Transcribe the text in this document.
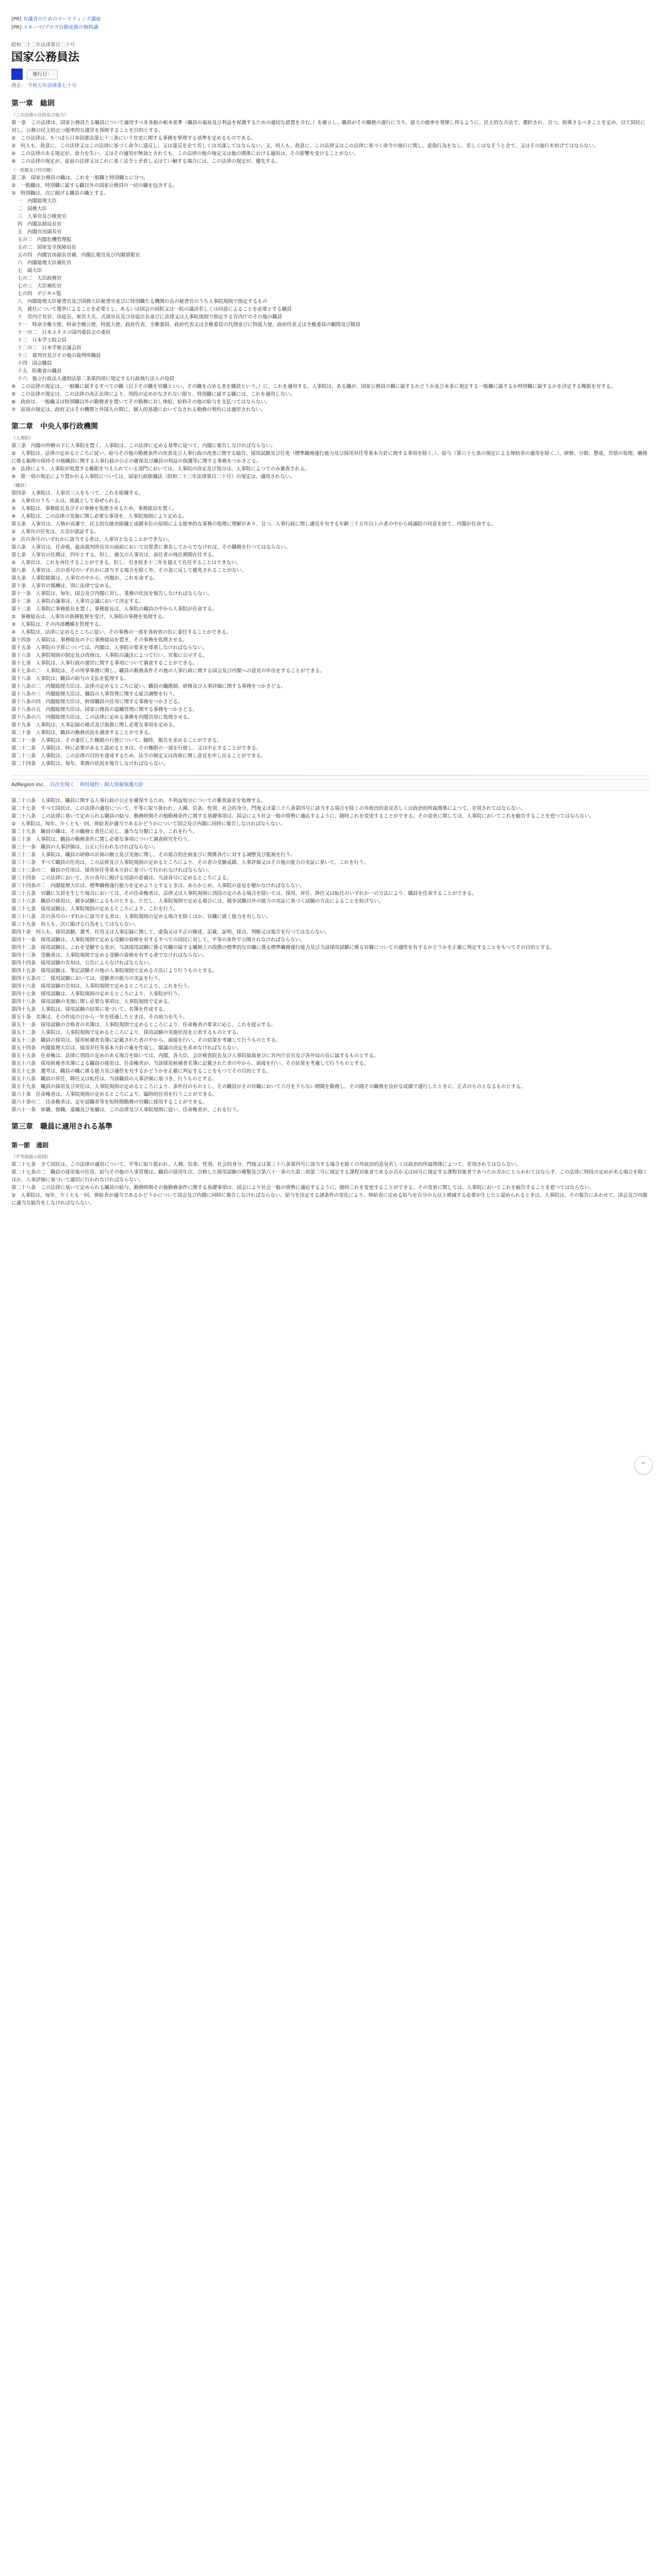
[PR] 有識者のためのマーケティング講座
[PR] スキーマ/ブログ自動更新の無料講
昭和二十二年法律第百二十号
国家公務員法
施行日：
改正： 令和五年法律第七十号
第一章　総則
（この法律の目的及び効力）
第一条　この法律は、国家公務員たる職員について適用すべき各般の根本基準（職員の福祉及び利益を保護するための適切な措置を含む。）を確立し、職員がその職務の遂行に当り、最大の能率を発揮し得るように、民主的な方法で、選択され、且つ、指導さるべきことを定め、以て国民に対し、公務の民主的且つ能率的な運営を保障することを目的とする。
②　この法律は、もつぱら日本国憲法第七十三条にいう官吏に関する事務を掌理する基準を定めるものである。
③　何人も、故意に、この法律又はこの法律に基づく命令に違反し、又は違反を企て若しくは共謀してはならない。又、何人も、故意に、この法律又はこの法律に基づく命令の施行に関し、虚偽行為をなし、若しくはなそうと企て、又はその施行を妨げてはならない。
④　この法律のある規定が、効力を失い、又はその適用が無効とされても、この法律の他の規定又は他の関係における適用は、その影響を受けることがない。
⑤　この法律の規定が、従前の法律又はこれに基く法令と矛盾し又はてい触する場合には、この法律の規定が、優先する。
（一般職及び特別職）
第二条　国家公務員の職は、これを一般職と特別職とに分つ。
②　一般職は、特別職に属する職以外の国家公務員の一切の職を包含する。
③　特別職は、次に掲げる職員の職とする。
一　内閣総理大臣
二　国務大臣
三　人事官及び検査官
四　内閣法制局長官
五　内閣官房副長官
五の二　内閣危機管理監
五の三　国家安全保障局長
五の四　内閣官房副長官補、内閣広報官及び内閣情報官
六　内閣総理大臣補佐官
七　副大臣
七の二　大臣政務官
七の三　大臣補佐官
七の四　デジタル監
八　内閣総理大臣秘書官及び国務大臣秘書官並びに特別職たる機関の長の秘書官のうち人事院規則で指定するもの
九　就任について選挙によることを必要とし、あるいは国会の両院又は一院の議決若しくは同意によることを必要とする職員
十　宮内庁長官、侍従長、東宮大夫、式部官長及び侍従次長並びに法律又は人事院規則で指定する宮内庁のその他の職員
十一　特命全権大使、特命全権公使、特派大使、政府代表、全権委員、政府代表又は全権委員の代理並びに特派大使、政府代表又は全権委員の顧問及び随員
十一の二　日本ユネスコ国内委員会の委員
十二　日本学士院会員
十二の二　日本学術会議会員
十三　裁判官及びその他の裁判所職員
十四　国会職員
十五　防衛省の職員
十六　独立行政法人通則法第二条第四項に規定する行政執行法人の役員
④　この法律の規定は、一般職に属するすべての職（以下その職を官職といい、その職を占める者を職員という。）に、これを適用する。人事院は、ある職が、国家公務員の職に属するかどうか及び本条に規定する一般職に属するか特別職に属するかを決定する権限を有する。
⑤　この法律の規定は、この法律の改正法律により、別段の定めがなされない限り、特別職に属する職には、これを適用しない。
⑥　政府は、一般職又は特別職以外の勤務者を置いてその勤務に対し俸給、給料その他の給与を支払つてはならない。
⑦　前項の規定は、政府又はその機関と外国人の間に、個人的基礎においてなされる勤務の契約には適用されない。
第二章　中央人事行政機関
（人事院）
第三条　内閣の所轄の下に人事院を置く。人事院は、この法律に定める基準に従つて、内閣に報告しなければならない。
②　人事院は、法律の定めるところに従い、給与その他の勤務条件の改善及び人事行政の改善に関する勧告、採用試験及び任免（標準職務遂行能力及び採用昇任等基本方針に関する事項を除く。）、給与（第六十七条の規定による俸給表の適用を除く。）、研修、分限、懲戒、苦情の処理、職務に係る倫理の保持その他職員に関する人事行政の公正の確保及び職員の利益の保護等に関する事務をつかさどる。
③　法律により、人事院が処置する権限を与えられている部門においては、人事院の決定及び処分は、人事院によつてのみ審査される。
④　第一項の規定により置かれる人事院については、国家行政組織法（昭和二十三年法律第百二十号）の規定は、適用されない。
（職員）
第四条　人事院は、人事官三人をもつて、これを組織する。
②　人事官のうち一人は、総裁として命ぜられる。
③　人事院は、事務総長及びその事務を処理させるため、事務総局を置く。
④　人事院は、この法律の実施に関し必要な事項を、人事院規則により定める。
第五条　人事官は、人格が高潔で、民主的な統治組織と成績本位の原則による能率的な事務の処理に理解があり、且つ、人事行政に関し識見を有する年齢三十五年以上の者の中から両議院の同意を経て、内閣が任命する。
②　人事官の任免は、天皇が認証する。
③　次の各号のいずれかに該当する者は、人事官となることができない。
第六条　人事官は、任命後、最高裁判所長官の面前において宣誓書に署名してからでなければ、その職務を行つてはならない。
第七条　人事官の任期は、四年とする。但し、補欠の人事官は、前任者の残任期間在任する。
②　人事官は、これを再任することができる。但し、引き続き十二年を超えて在任することはできない。
第八条　人事官は、次の各号のいずれかに該当する場合を除く外、その意に反して罷免されることがない。
第九条　人事院総裁は、人事官の中から、内閣が、これを命ずる。
第十条　人事官の報酬は、別に法律で定める。
第十一条　人事院は、毎年、国会及び内閣に対し、業務の状況を報告しなければならない。
第十二条　人事院の議事は、人事官会議において決定する。
第十三条　人事院に事務総長を置く。事務総長は、人事院の職員の中から人事院が任命する。
②　事務総長は、人事官の指揮監督を受け、人事院の事務を処理する。
③　人事院は、その内部機構を管理する。
④　人事院は、法律に定めるところに従い、その事務の一部を各府省の長に委任することができる。
第十四条　人事院は、事務総長の下に事務総局を置き、その事務を処理させる。
第十五条　人事院の予算については、内閣は、人事院の要求を尊重しなければならない。
第十六条　人事院規則の制定及び改廃は、人事院の議決によつて行い、官報に公示する。
第十七条　人事院は、人事行政の運営に関する事項について調査することができる。
第十七条の二　人事院は、その所掌事務に関し、職員の勤務条件その他の人事行政に関する国会及び内閣への意見の申出をすることができる。
第十八条　人事院は、職員の給与の支払を監理する。
第十八条の二　内閣総理大臣は、法律の定めるところに従い、職員の職階制、研修及び人事評価に関する事務をつかさどる。
第十八条の三　内閣総理大臣は、職員の人事管理に関する総合調整を行う。
第十八条の四　内閣総理大臣は、幹部職員の任用に関する事務をつかさどる。
第十八条の五　内閣総理大臣は、国家公務員の退職管理に関する事務をつかさどる。
第十八条の六　内閣総理大臣は、この法律に定める事務を内閣官房に処理させる。
第十九条　人事院は、人事記録の様式及び取扱に関し必要な事項を定める。
第二十条　人事院は、職員の勤務状況を調査することができる。
第二十一条　人事院は、その委任した権限の行使について、随時、報告を求めることができる。
第二十二条　人事院は、特に必要があると認めるときは、その権限の一部を行使し、又は中止することができる。
第二十三条　人事院は、この法律の目的を達成するため、法令の制定又は改廃に関し意見を申し出ることができる。
第二十四条　人事院は、毎年、業務の状況を報告しなければならない。
AdRegion Inc. 目次を開く 利用規約・個人情報保護方針
第二十六条　人事院は、職員に関する人事行政の公正を確保するため、不利益処分についての審査請求を処理する。
第二十七条　すべて国民は、この法律の適用について、平等に取り扱われ、人種、信条、性別、社会的身分、門地又は第三十八条第四号に該当する場合を除くの外政治的意見若しくは政治的所属関係によつて、差別されてはならない。
第二十八条　この法律に基いて定められる職員の給与、勤務時間その他勤務条件に関する基礎事項は、国会により社会一般の情勢に適応するように、随時これを変更することができる。その変更に関しては、人事院においてこれを勧告することを怠つてはならない。
②　人事院は、毎年、少くとも一回、俸給表が適当であるかどうかについて国会及び内閣に同時に報告しなければならない。
第二十九条　職員の職は、その職務と責任に応じ、適当な分類により、これを行う。
第三十条　人事院は、職員の勤務条件に関し必要な事項について調査研究を行う。
第三十一条　職員の人事評価は、公正に行われなければならない。
第三十二条　人事院は、職員の研修の計画の樹立及び実施に関し、その総合的企画並びに関係各庁に対する調整及び監視を行う。
第三十三条　すべて職員の任用は、この法律及び人事院規則の定めるところにより、その者の受験成績、人事評価又はその他の能力の実証に基いて、これを行う。
第三十三条の二　職員の任用は、採用昇任等基本方針に基づいて行われなければならない。
第三十四条　この法律において、次の各号に掲げる用語の意義は、当該各号に定めるところによる。
第三十四条の二　内閣総理大臣は、標準職務遂行能力を定めようとするときは、あらかじめ、人事院の意見を聴かなければならない。
第三十五条　官職に欠員を生じた場合においては、その任命権者は、法律又は人事院規則に別段の定のある場合を除いては、採用、昇任、降任又は転任のいずれか一の方法により、職員を任命することができる。
第三十六条　職員の採用は、競争試験によるものとする。ただし、人事院規則で定める場合には、競争試験以外の能力の実証に基づく試験の方法によることを妨げない。
第三十七条　採用試験は、人事院規則の定めるところにより、これを行う。
第三十八条　次の各号のいずれかに該当する者は、人事院規則の定める場合を除くほか、官職に就く能力を有しない。
第三十九条　何人も、次に掲げる行為をしてはならない。
第四十条　何人も、採用試験、選考、任用又は人事記録に関して、虚偽又は不正の陳述、記載、証明、採点、判断又は報告を行つてはならない。
第四十一条　採用試験は、人事院規則で定める受験の資格を有するすべての国民に対して、平等の条件で公開されなければならない。
第四十二条　採用試験は、これを受験する者が、当該採用試験に係る官職の属する職制上の段階の標準的な官職に係る標準職務遂行能力及び当該採用試験に係る官職についての適性を有するかどうかを正確に判定することをもつてその目的とする。
第四十三条　受験者は、人事院規則で定める受験の資格を有する者でなければならない。
第四十四条　採用試験の告知は、公告によらなければならない。
第四十五条　採用試験は、筆記試験その他の人事院規則で定める方法により行うものとする。
第四十五条の二　採用試験においては、受験者の能力の実証を行う。
第四十六条　採用試験の告知は、人事院規則で定めるところにより、これを行う。
第四十七条　採用試験は、人事院規則の定めるところにより、人事院が行う。
第四十八条　採用試験の実施に関し必要な事項は、人事院規則で定める。
第四十九条　人事院は、採用試験の結果に基づいて、名簿を作成する。
第五十条　名簿は、その作成の日から一年を経過したときは、その効力を失う。
第五十一条　採用試験の合格者の名簿は、人事院規則で定めるところにより、任命権者の要求に応じ、これを提示する。
第五十二条　人事院は、人事院規則で定めるところにより、採用試験の実施状況を公表するものとする。
第五十三条　職員の採用は、採用候補者名簿に記載された者の中から、面接を行い、その結果を考慮して行うものとする。
第五十四条　内閣総理大臣は、採用昇任等基本方針の案を作成し、閣議の決定を求めなければならない。
第五十五条　任命権は、法律に別段の定めのある場合を除いては、内閣、各大臣、会計検査院長及び人事院総裁並びに宮内庁長官及び各外局の長に属するものとする。
第五十六条　採用候補者名簿による職員の採用は、任命権者が、当該採用候補者名簿に記載された者の中から、面接を行い、その結果を考慮して行うものとする。
第五十七条　選考は、職員の職に係る能力及び適性を有するかどうかを正確に判定することをもつてその目的とする。
第五十八条　職員の昇任、降任又は転任は、当該職員の人事評価に基づき、行うものとする。
第五十九条　職員の採用及び昇任は、人事院規則の定めるところにより、条件付のものとし、その職員がその官職において六月を下らない期間を勤務し、その間その職務を良好な成績で遂行したときに、正式のものとなるものとする。
第六十条　任命権者は、人事院規則の定めるところにより、臨時的任用を行うことができる。
第六十条の二　任命権者は、定年退職者等を短時間勤務の官職に採用することができる。
第六十一条　休職、復職、退職及び免職は、この法律及び人事院規則に従い、任命権者が、これを行う。
第三章　職員に適用される基準
第一節　通則
（平等取扱の原則）
第二十七条　全て国民は、この法律の適用について、平等に取り扱われ、人種、信条、性別、社会的身分、門地又は第三十八条第四号に該当する場合を除くの外政治的意見若しくは政治的所属関係によつて、差別されてはならない。
第二十七条の二　職員の採用後の任用、給与その他の人事管理は、職員の採用年次、合格した採用試験の種類及び第六十一条の九第二項第二号に規定する課程対象者であるか否か又は同号に規定する課程対象者であつたか否かにとらわれてはならず、この法律に特段の定めがある場合を除くほか、人事評価に基づいて適切に行われなければならない。
第二十八条　この法律に基いて定められる職員の給与、勤務時間その他勤務条件に関する基礎事項は、国会により社会一般の情勢に適応するように、随時これを変更することができる。その変更に関しては、人事院においてこれを勧告することを怠つてはならない。
②　人事院は、毎年、少くとも一回、俸給表が適当であるかどうかについて国会及び内閣に同時に報告しなければならない。給与を決定する諸条件の変化により、俸給表に定める給与を百分の五以上増減する必要が生じたと認められるときは、人事院は、その報告にあわせて、国会及び内閣に適当な勧告をしなければならない。
⌃
